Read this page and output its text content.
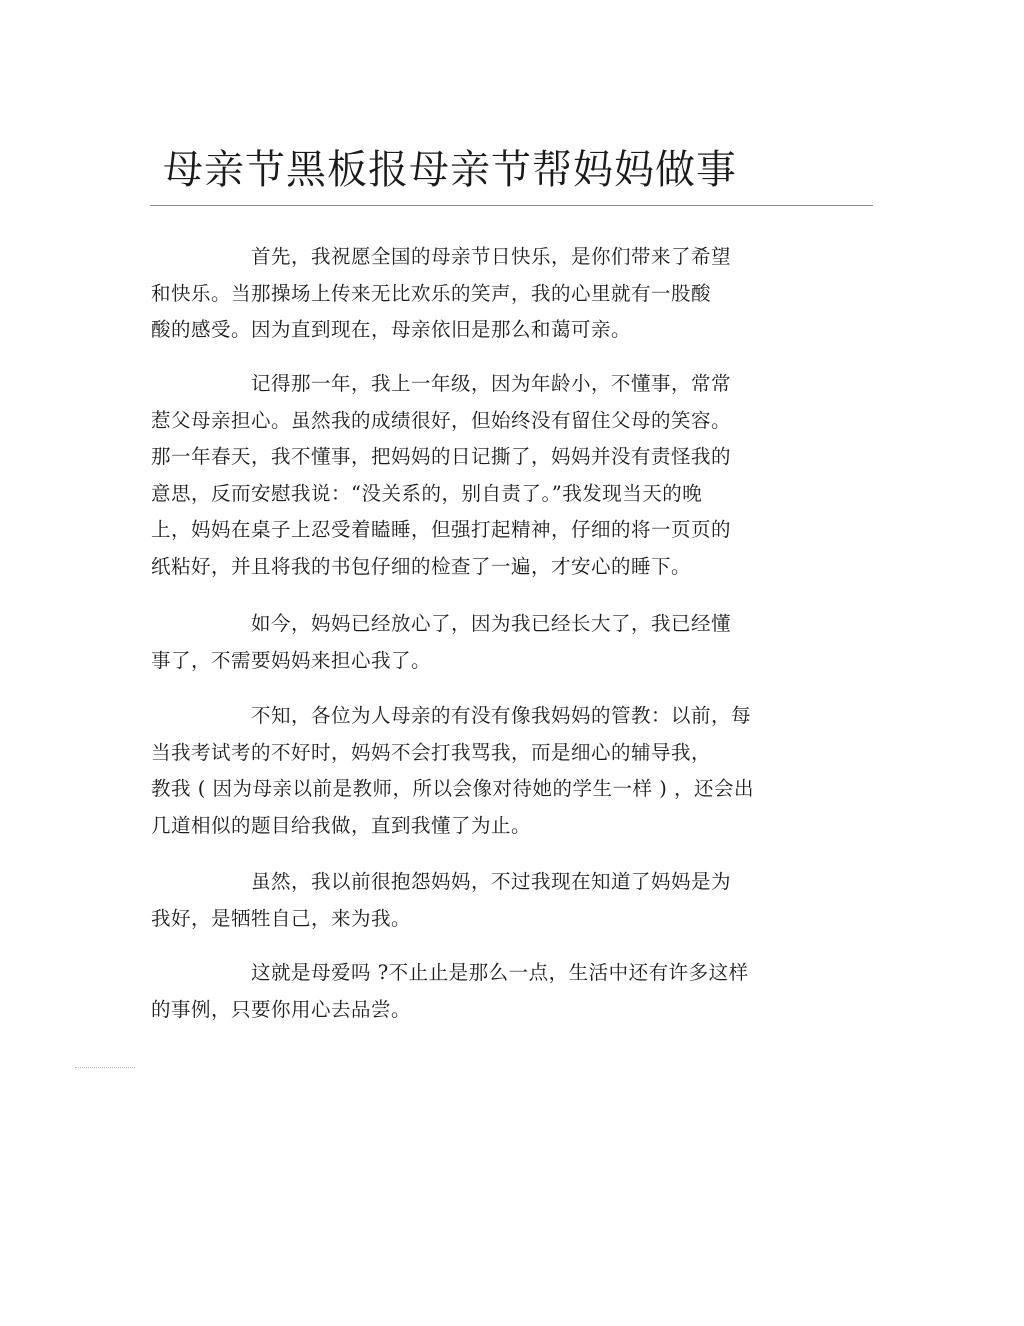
母亲节黑板报母亲节帮妈妈做事

首先，我祝愿全国的母亲节日快乐，是你们带来了希望
和快乐。当那操场上传来无比欢乐的笑声，我的心里就有一股酸
酸的感受。因为直到现在，母亲依旧是那么和蔼可亲。

记得那一年，我上一年级，因为年龄小，不懂事，常常
惹父母亲担心。虽然我的成绩很好，但始终没有留住父母的笑容。
那一年春天，我不懂事，把妈妈的日记撕了，妈妈并没有责怪我的
意思，反而安慰我说：“没关系的，别自责了。”我发现当天的晚
上，妈妈在桌子上忍受着瞌睡，但强打起精神，仔细的将一页页的
纸粘好，并且将我的书包仔细的检查了一遍，才安心的睡下。

如今，妈妈已经放心了，因为我已经长大了，我已经懂
事了，不需要妈妈来担心我了。

不知，各位为人母亲的有没有像我妈妈的管教：以前，每
当我考试考的不好时，妈妈不会打我骂我，而是细心的辅导我，
教我 ( 因为母亲以前是教师，所以会像对待她的学生一样 ) ，还会出
几道相似的题目给我做，直到我懂了为止。

虽然，我以前很抱怨妈妈，不过我现在知道了妈妈是为
我好，是牺牲自己，来为我。

这就是母爱吗 ?不止止是那么一点，生活中还有许多这样
的事例，只要你用心去品尝。
